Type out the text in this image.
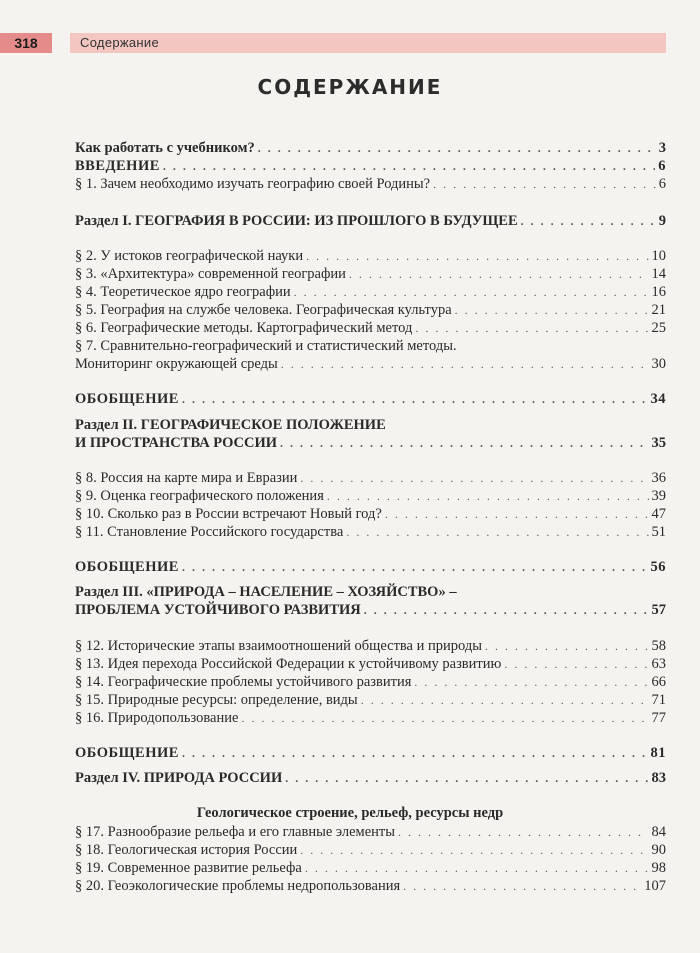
318	Содержание
СОДЕРЖАНИЕ
Как работать с учебником? . . .	3
ВВЕДЕНИЕ . . .	6
§ 1. Зачем необходимо изучать географию своей Родины? . . .	6
Раздел I. ГЕОГРАФИЯ В РОССИИ: ИЗ ПРОШЛОГО В БУДУЩЕЕ . . .	9
§ 2. У истоков географической науки . . .	10
§ 3. «Архитектура» современной географии . . .	14
§ 4. Теоретическое ядро географии . . .	16
§ 5. География на службе человека. Географическая культура . . .	21
§ 6. Географические методы. Картографический метод . . .	25
§ 7. Сравнительно-географический и статистический методы.
Мониторинг окружающей среды . . .	30
ОБОБЩЕНИЕ . . .	34
Раздел II. ГЕОГРАФИЧЕСКОЕ ПОЛОЖЕНИЕ
И ПРОСТРАНСТВА РОССИИ . . .	35
§ 8. Россия на карте мира и Евразии . . .	36
§ 9. Оценка географического положения . . .	39
§ 10. Сколько раз в России встречают Новый год? . . .	47
§ 11. Становление Российского государства . . .	51
ОБОБЩЕНИЕ . . .	56
Раздел III. «ПРИРОДА – НАСЕЛЕНИЕ – ХОЗЯЙСТВО» –
ПРОБЛЕМА УСТОЙЧИВОГО РАЗВИТИЯ . . .	57
§ 12. Исторические этапы взаимоотношений общества и природы . . .	58
§ 13. Идея перехода Российской Федерации к устойчивому развитию . . .	63
§ 14. Географические проблемы устойчивого развития . . .	66
§ 15. Природные ресурсы: определение, виды . . .	71
§ 16. Природопользование . . .	77
ОБОБЩЕНИЕ . . .	81
Раздел IV. ПРИРОДА РОССИИ . . .	83
Геологическое строение, рельеф, ресурсы недр
§ 17. Разнообразие рельефа и его главные элементы . . .	84
§ 18. Геологическая история России . . .	90
§ 19. Современное развитие рельефа . . .	98
§ 20. Геоэкологические проблемы недропользования . . .	107
